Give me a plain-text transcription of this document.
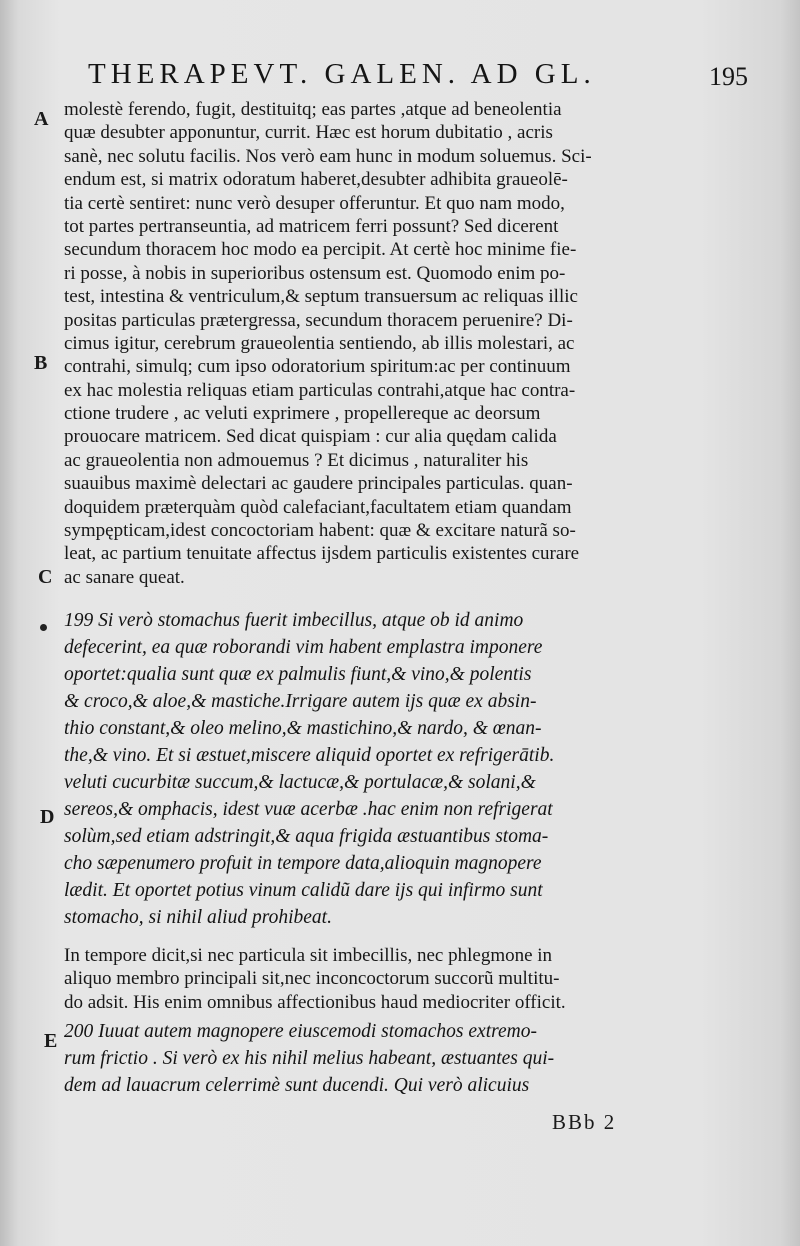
THERAPEVT. GALEN. AD GL.	195
A
B
C
D
E
molestè ferendo, fugit, destituitq; eas partes ,atque ad beneolentia
quæ desubter apponuntur, currit. Hæc est horum dubitatio , acris
sanè, nec solutu facilis. Nos verò eam hunc in modum soluemus. Sci-
endum est, si matrix odoratum haberet,desubter adhibita graueolē-
tia certè sentiret: nunc verò desuper offeruntur. Et quo nam modo,
tot partes pertranseuntia, ad matricem ferri possunt? Sed dicerent
secundum thoracem hoc modo ea percipit. At certè hoc minime fie-
ri posse, à nobis in superioribus ostensum est. Quomodo enim po-
test, intestina & ventriculum,& septum transuersum ac reliquas illic
positas particulas prætergressa, secundum thoracem peruenire? Di-
cimus igitur, cerebrum graueolentia sentiendo, ab illis molestari, ac
contrahi, simulq; cum ipso odoratorium spiritum:ac per continuum
ex hac molestia reliquas etiam particulas contrahi,atque hac contra-
ctione trudere , ac veluti exprimere , propellereque ac deorsum
prouocare matricem. Sed dicat quispiam : cur alia quędam calida
ac graueolentia non admouemus ? Et dicimus , naturaliter his
suauibus maximè delectari ac gaudere principales particulas. quan-
doquidem præterquàm quòd calefaciant,facultatem etiam quandam
sympępticam,idest concoctoriam habent: quæ & excitare naturã so-
leat, ac partium tenuitate affectus ijsdem particulis existentes curare
ac sanare queat.
199 Si verò stomachus fuerit imbecillus, atque ob id animo
defecerint, ea quæ roborandi vim habent emplastra imponere
oportet:qualia sunt quæ ex palmulis fiunt,& vino,& polentis
& croco,& aloe,& mastiche.Irrigare autem ijs quæ ex absin-
thio constant,& oleo melino,& mastichino,& nardo, & œnan-
the,& vino. Et si æstuet,miscere aliquid oportet ex refrigerātib.
veluti cucurbitæ succum,& lactucæ,& portulacæ,& solani,&
sereos,& omphacis, idest vuæ acerbæ .hac enim non refrigerat
solùm,sed etiam adstringit,& aqua frigida æstuantibus stoma-
cho sæpenumero profuit in tempore data,alioquin magnopere
lædit. Et oportet potius vinum calidũ dare ijs qui infirmo sunt
stomacho, si nihil aliud prohibeat.
In tempore dicit,si nec particula sit imbecillis, nec phlegmone in
aliquo membro principali sit,nec inconcoctorum succorũ multitu-
do adsit. His enim omnibus affectionibus haud mediocriter officit.
200 Iuuat autem magnopere eiuscemodi stomachos extremo-
rum frictio . Si verò ex his nihil melius habeant, æstuantes qui-
dem ad lauacrum celerrimè sunt ducendi. Qui verò alicuius
BBb 2
